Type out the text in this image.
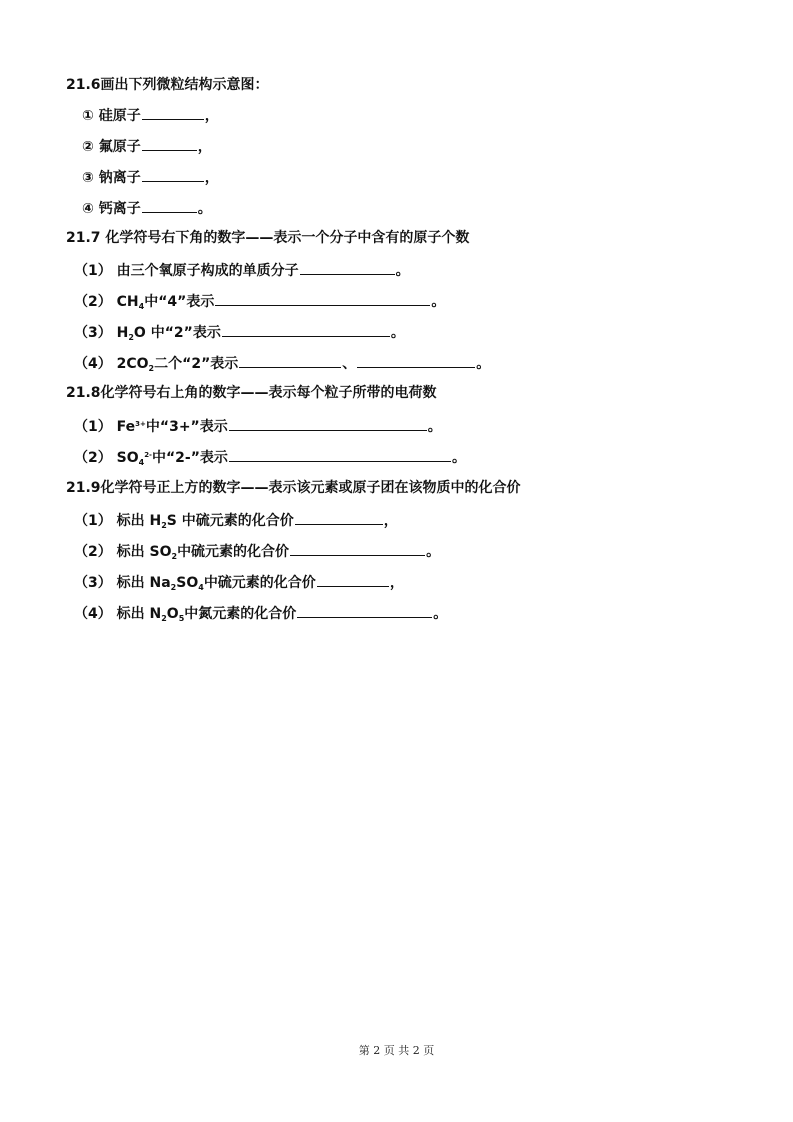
21.6画出下列微粒结构示意图：
① 硅原子	，
② 氟原子	，
③ 钠离子	，
④ 钙离子	。
21.7 化学符号右下角的数字——表示一个分子中含有的原子个数
（1） 由三个氧原子构成的单质分子	。
（2） $CH_4$中“4”表示	。
（3） $H_2O$ 中“2”表示	。
（4） $2CO_2$二个“2”表示	、	。
21.8化学符号右上角的数字——表示每个粒子所带的电荷数
（1） $Fe^{3+}$中“3+”表示	。
（2） $SO_4^{2-}$中“2-”表示	。
21.9化学符号正上方的数字——表示该元素或原子团在该物质中的化合价
（1） 标出 $H_2S$ 中硫元素的化合价	，
（2） 标出 $SO_2$中硫元素的化合价	。
（3） 标出 $Na_2SO_4$中硫元素的化合价	，
（4） 标出 $N_2O_5$中氮元素的化合价	。
第 2 页 共 2 页
